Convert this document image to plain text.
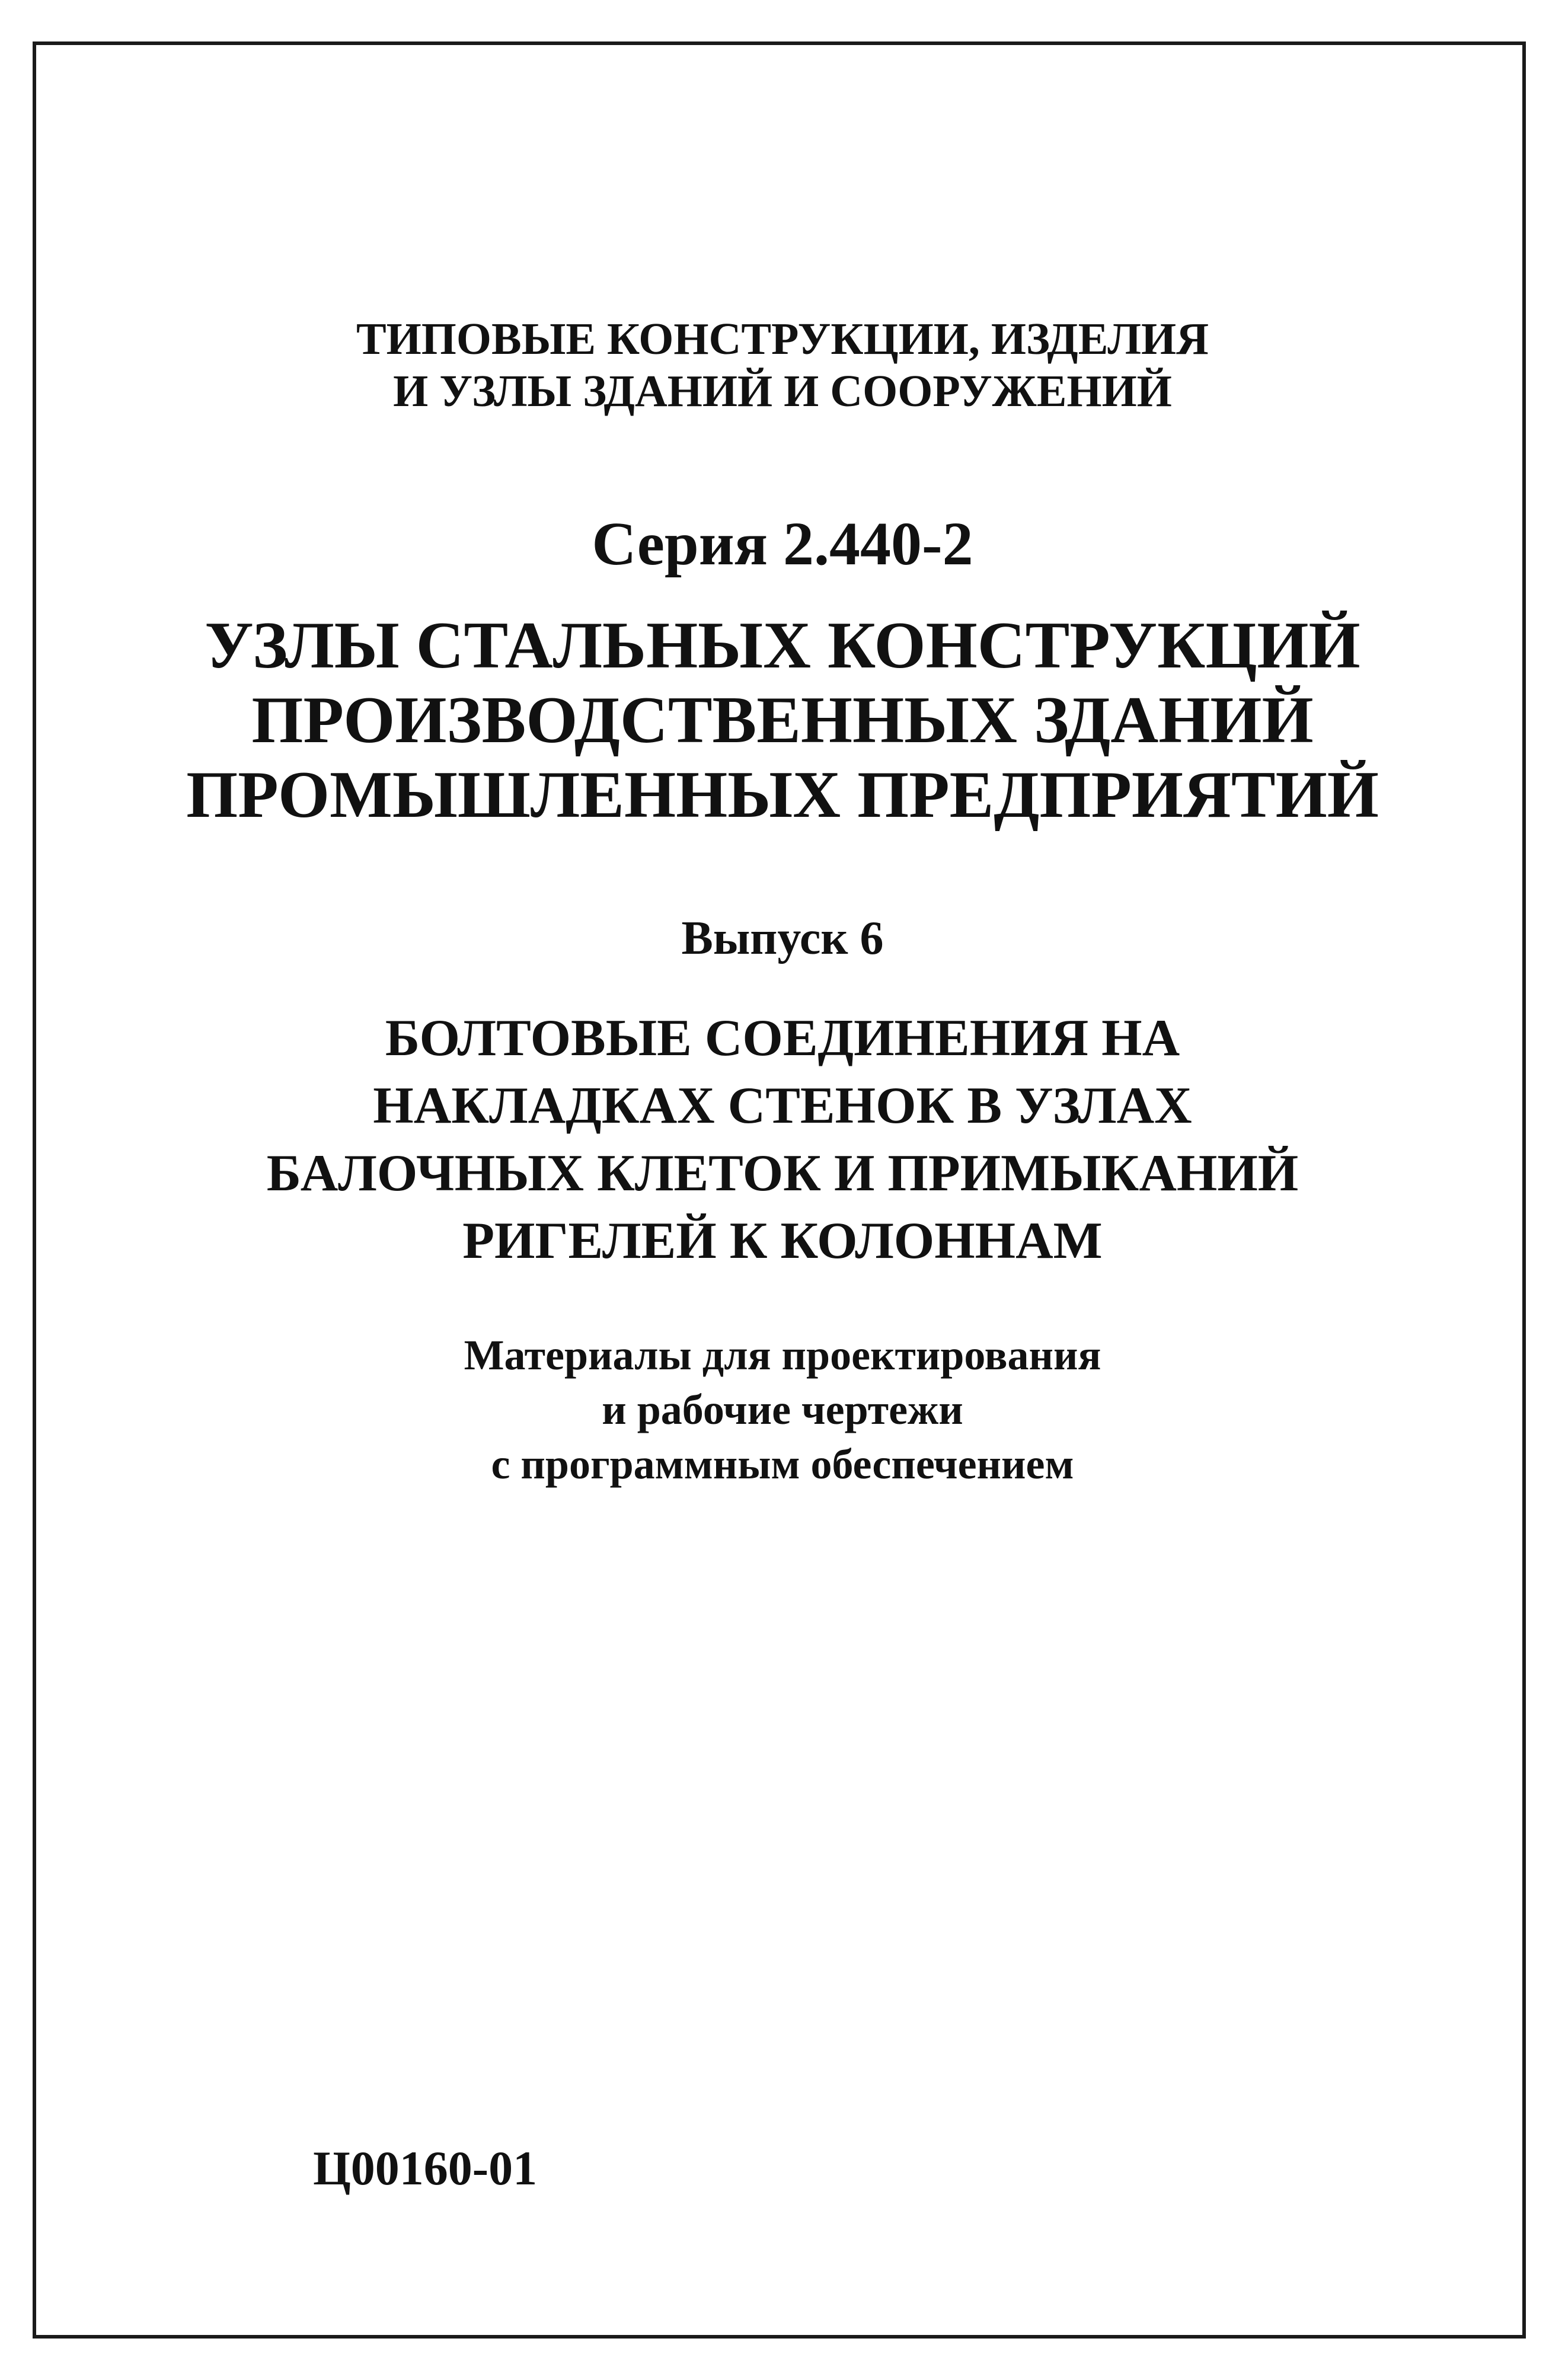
ТИПОВЫЕ КОНСТРУКЦИИ, ИЗДЕЛИЯ
И УЗЛЫ ЗДАНИЙ И СООРУЖЕНИЙ
Серия 2.440-2
УЗЛЫ СТАЛЬНЫХ КОНСТРУКЦИЙ
ПРОИЗВОДСТВЕННЫХ ЗДАНИЙ
ПРОМЫШЛЕННЫХ ПРЕДПРИЯТИЙ
Выпуск 6
БОЛТОВЫЕ СОЕДИНЕНИЯ НА
НАКЛАДКАХ СТЕНОК В УЗЛАХ
БАЛОЧНЫХ КЛЕТОК И ПРИМЫКАНИЙ
РИГЕЛЕЙ К КОЛОННАМ
Материалы для проектирования
и рабочие чертежи
с программным обеспечением
Ц00160-01
